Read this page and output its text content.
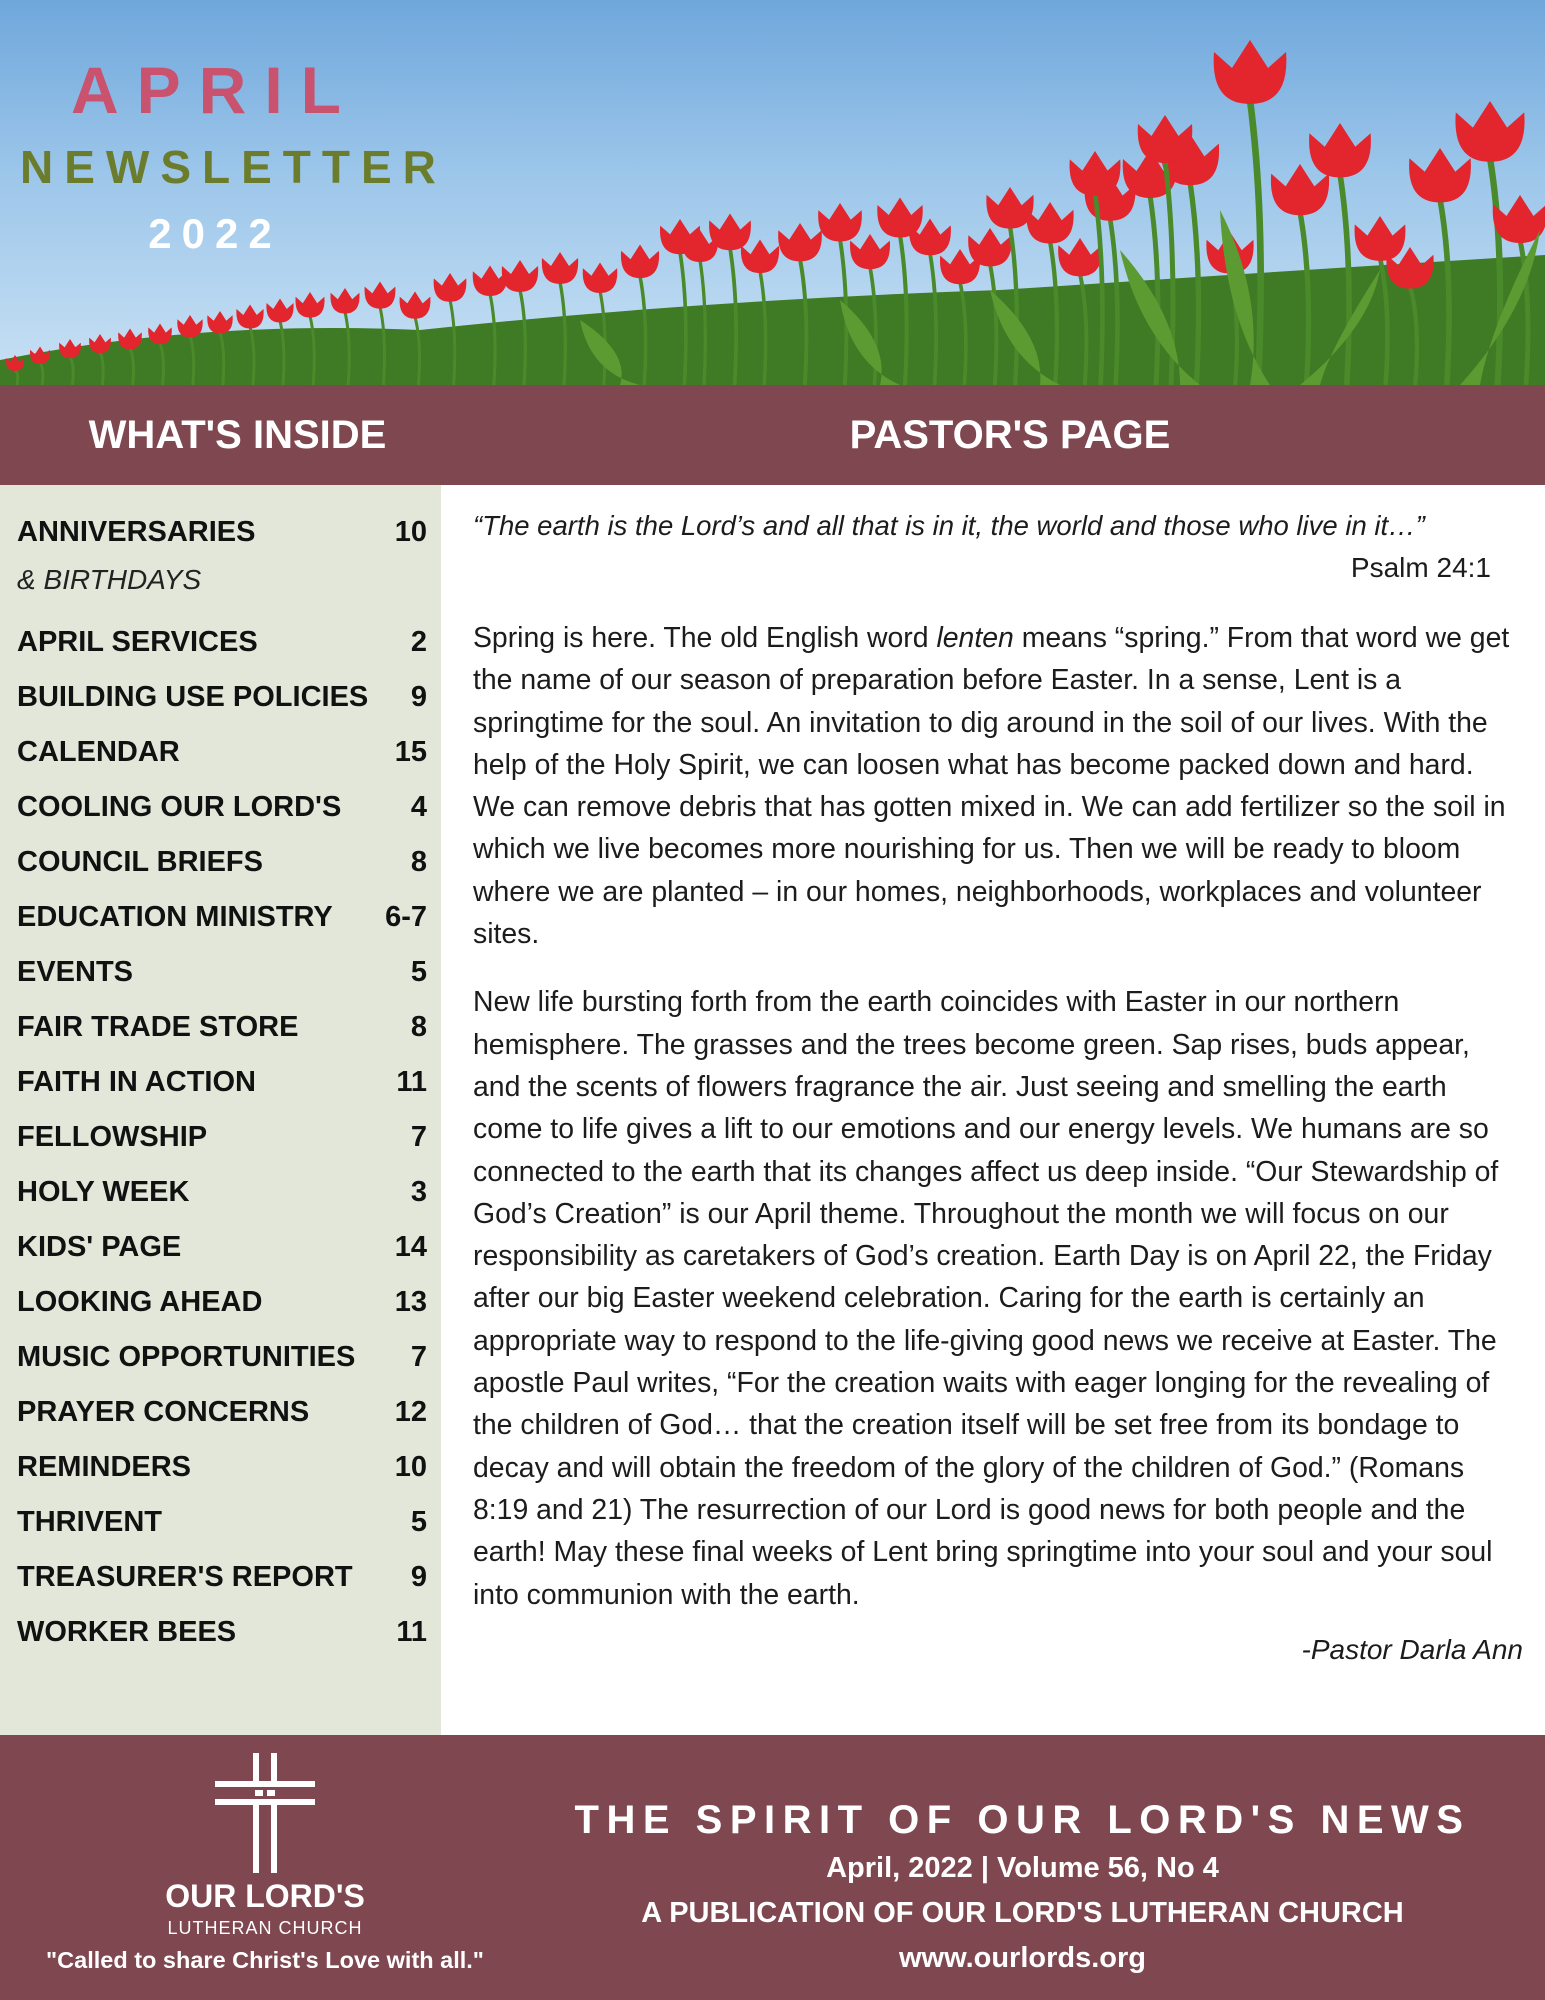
APRIL
NEWSLETTER
2022
WHAT'S INSIDE	PASTOR'S PAGE
ANNIVERSARIES	10
& BIRTHDAYS
APRIL SERVICES	2
BUILDING USE POLICIES 9
CALENDAR	15
COOLING OUR LORD'S 4
COUNCIL BRIEFS	8
EDUCATION MINISTRY 6-7
EVENTS	5
FAIR TRADE STORE	8
FAITH IN ACTION	11
FELLOWSHIP	7
HOLY WEEK	3
KIDS' PAGE	14
LOOKING AHEAD	13
MUSIC OPPORTUNITIES 7
PRAYER CONCERNS	12
REMINDERS	10
THRIVENT	5
TREASURER'S REPORT 9
WORKER BEES	11
“The earth is the Lord’s and all that is in it, the world and those who live in it…”
Psalm 24:1

Spring is here. The old English word lenten means “spring.” From that word we get the name of our season of preparation before Easter. In a sense, Lent is a springtime for the soul. An invitation to dig around in the soil of our lives. With the help of the Holy Spirit, we can loosen what has become packed down and hard. We can remove debris that has gotten mixed in. We can add fertilizer so the soil in which we live becomes more nourishing for us. Then we will be ready to bloom where we are planted – in our homes, neighborhoods, workplaces and volunteer sites.

New life bursting forth from the earth coincides with Easter in our northern hemisphere. The grasses and the trees become green. Sap rises, buds appear, and the scents of flowers fragrance the air. Just seeing and smelling the earth come to life gives a lift to our emotions and our energy levels. We humans are so connected to the earth that its changes affect us deep inside. “Our Stewardship of God’s Creation” is our April theme. Throughout the month we will focus on our responsibility as caretakers of God’s creation. Earth Day is on April 22, the Friday after our big Easter weekend celebration. Caring for the earth is certainly an appropriate way to respond to the life-giving good news we receive at Easter. The apostle Paul writes, “For the creation waits with eager longing for the revealing of the children of God… that the creation itself will be set free from its bondage to decay and will obtain the freedom of the glory of the children of God.” (Romans 8:19 and 21) The resurrection of our Lord is good news for both people and the earth! May these final weeks of Lent bring springtime into your soul and your soul into communion with the earth.

-Pastor Darla Ann
OUR LORD'S
LUTHERAN CHURCH
"Called to share Christ's Love with all."
THE SPIRIT OF OUR LORD'S NEWS
April, 2022 | Volume 56, No 4
A PUBLICATION OF OUR LORD'S LUTHERAN CHURCH
www.ourlords.org
